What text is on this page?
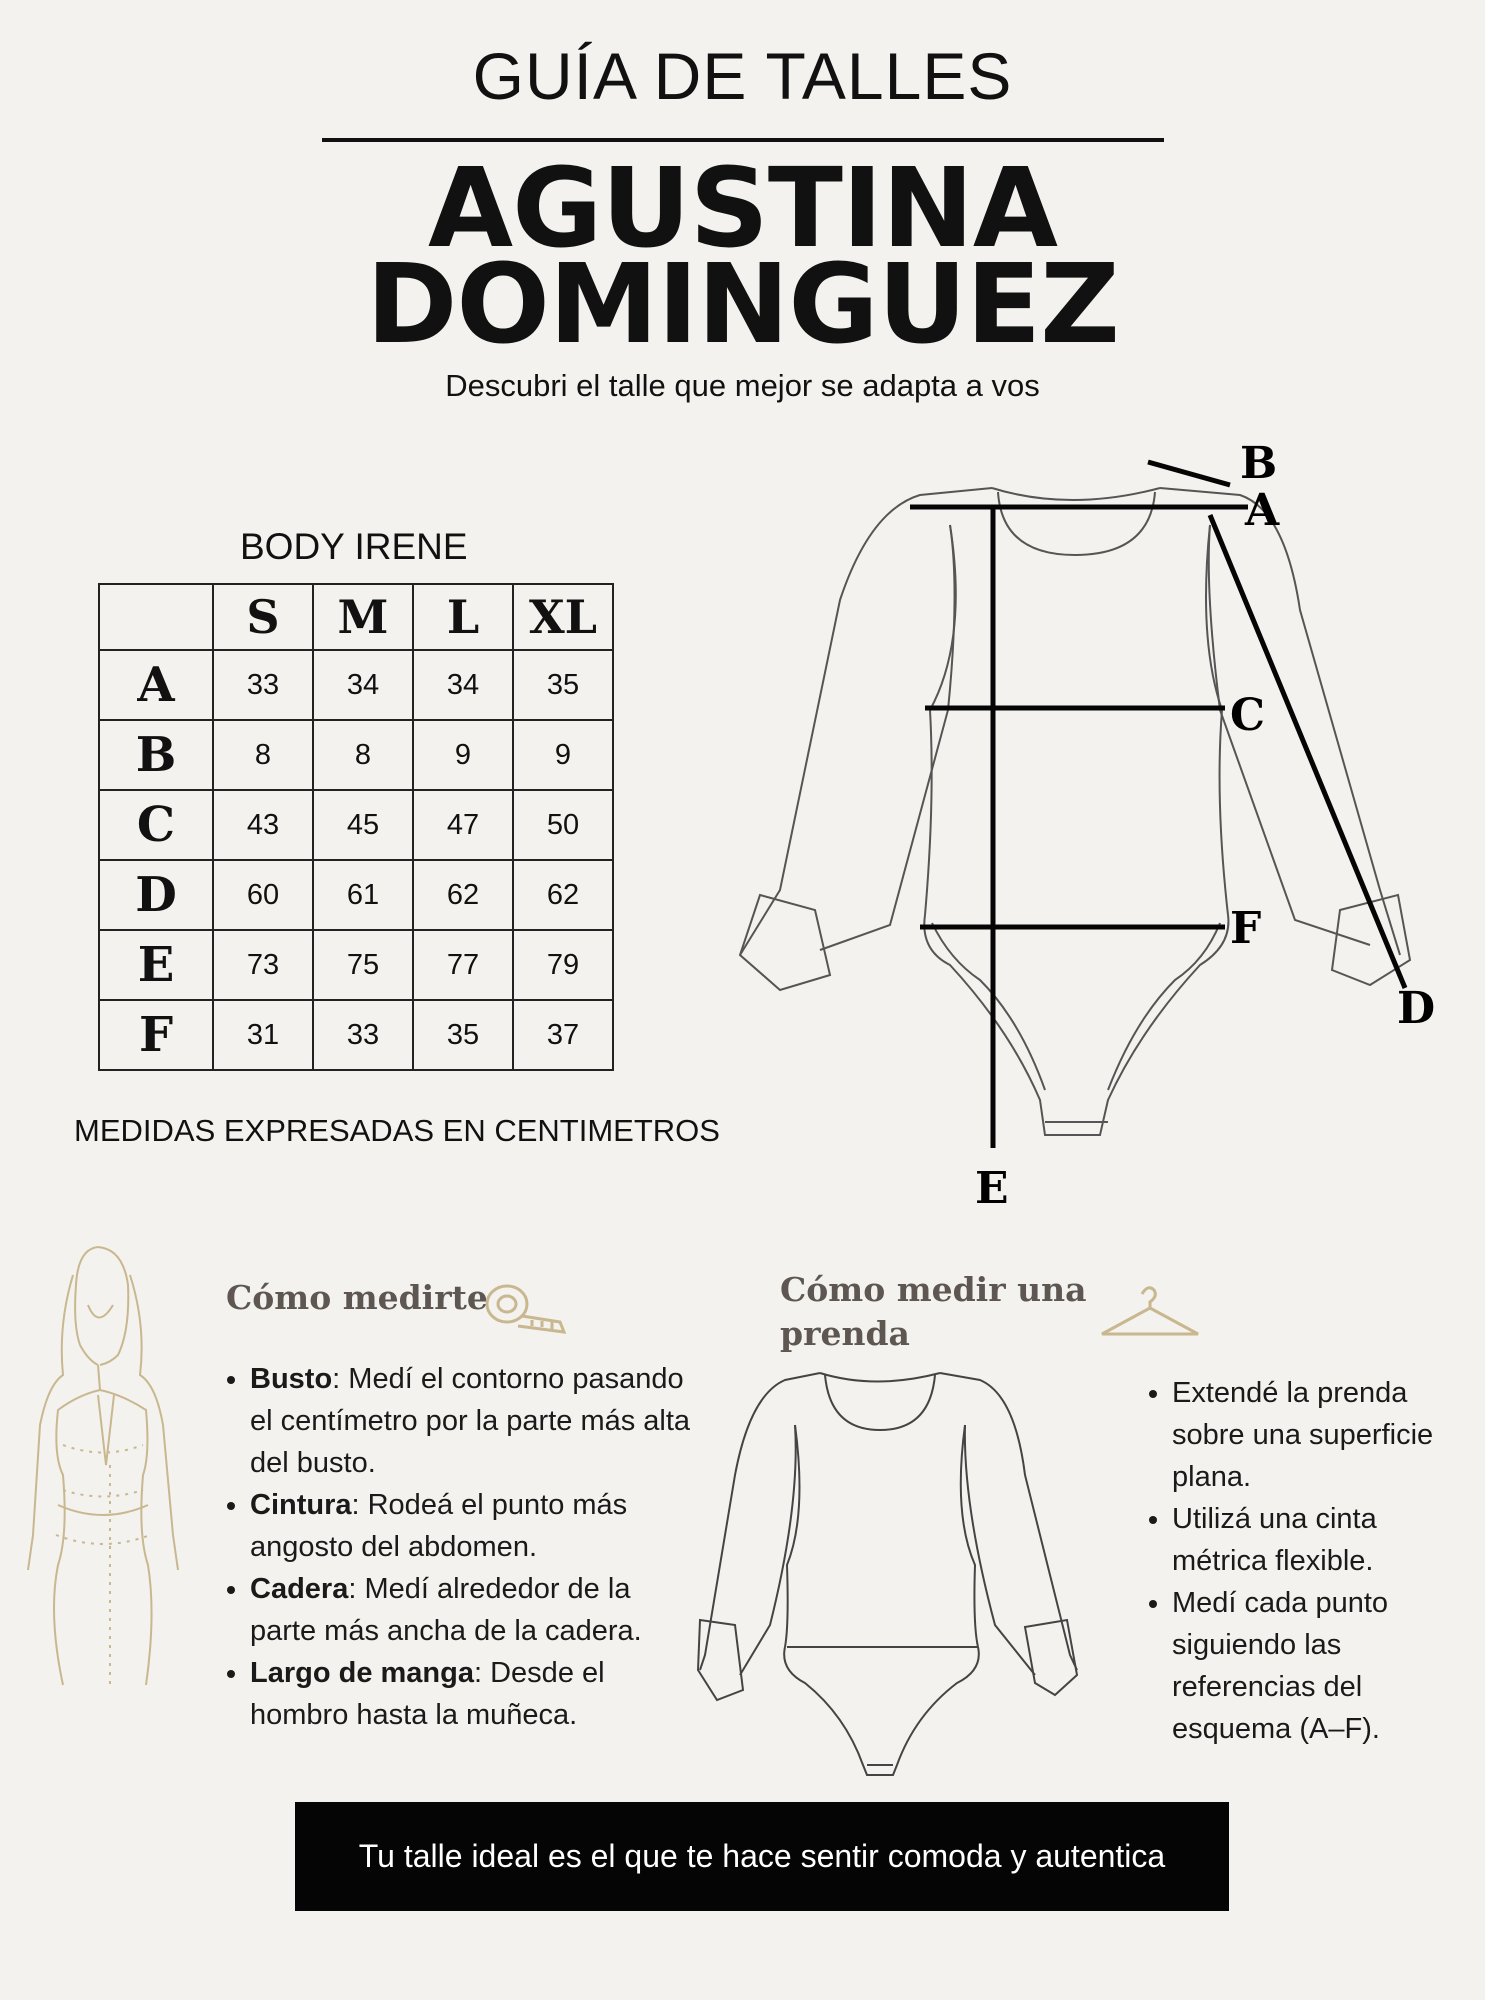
GUÍA DE TALLES
AGUSTINA
DOMINGUEZ
Descubri el talle que mejor se adapta a vos
BODY IRENE
	S	M	L	XL
A	33	34	34	35
B	8	8	9	9
C	43	45	47	50
D	60	61	62	62
E	73	75	77	79
F	31	33	35	37
MEDIDAS EXPRESADAS EN CENTIMETROS
B
A
C
F
D
E
Cómo medirte
• Busto: Medí el contorno pasando el centímetro por la parte más alta del busto.
• Cintura: Rodeá el punto más angosto del abdomen.
• Cadera: Medí alrededor de la parte más ancha de la cadera.
• Largo de manga: Desde el hombro hasta la muñeca.
Cómo medir una
prenda
• Extendé la prenda sobre una superficie plana.
• Utilizá una cinta métrica flexible.
• Medí cada punto siguiendo las referencias del esquema (A–F).
Tu talle ideal es el que te hace sentir comoda y autentica
